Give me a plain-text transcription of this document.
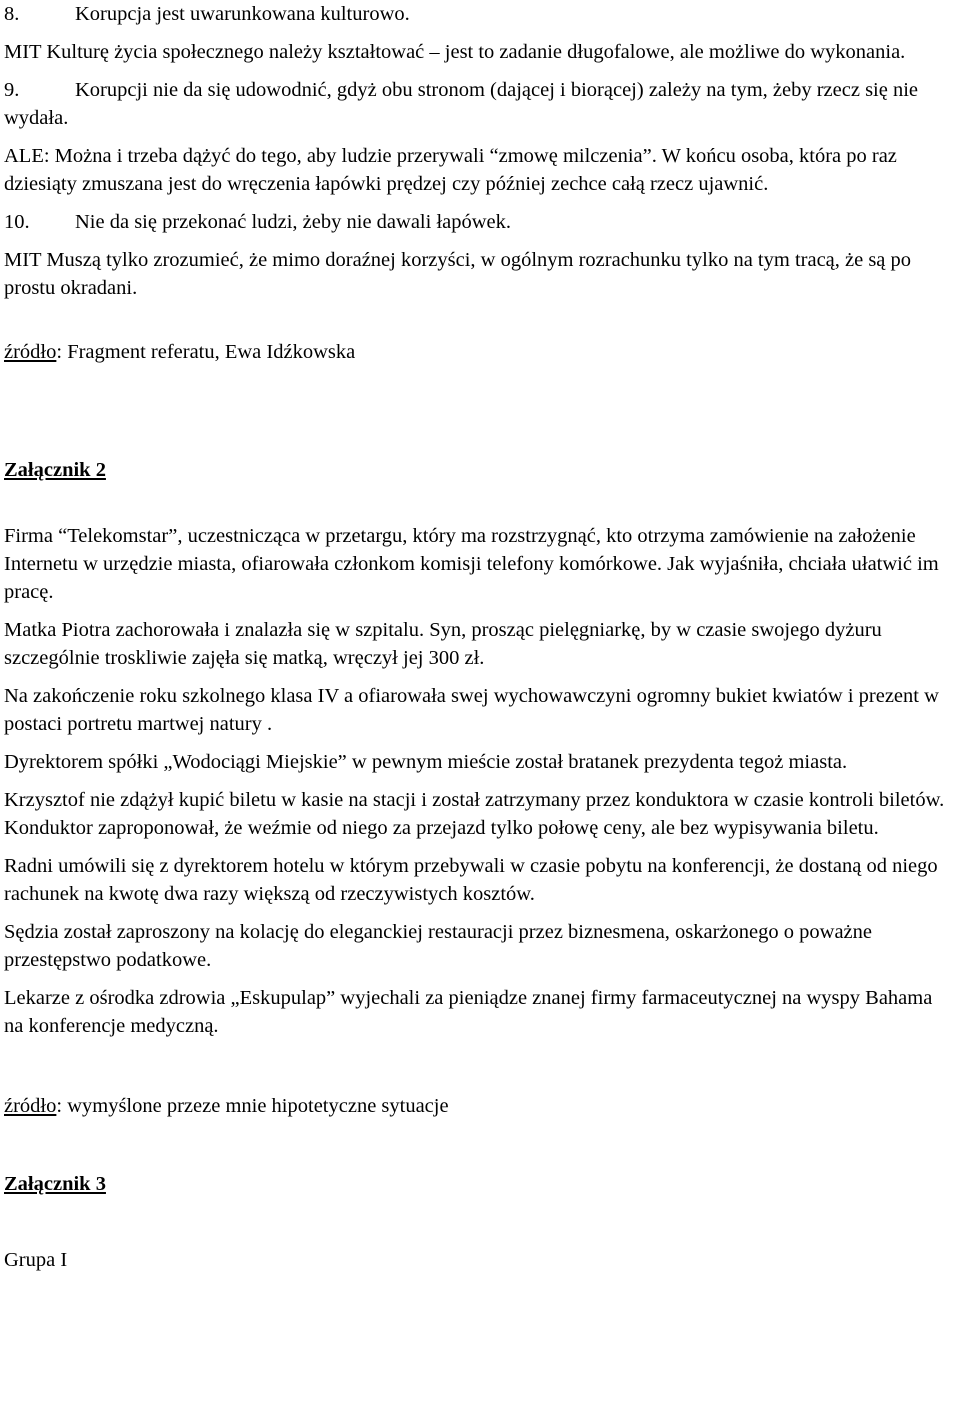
8.	Korupcja jest uwarunkowana kulturowo.

MIT Kulturę życia społecznego należy kształtować – jest to zadanie długofalowe, ale możliwe do wykonania.

9.	Korupcji nie da się udowodnić, gdyż obu stronom (dającej i biorącej) zależy na tym, żeby rzecz się nie wydała.

ALE: Można i trzeba dążyć do tego, aby ludzie przerywali “zmowę milczenia”. W końcu osoba, która po raz dziesiąty zmuszana jest do wręczenia łapówki prędzej czy później zechce całą rzecz ujawnić.

10.	Nie da się przekonać ludzi, żeby nie dawali łapówek.

MIT Muszą tylko zrozumieć, że mimo doraźnej korzyści, w ogólnym rozrachunku tylko na tym tracą, że są po prostu okradani.

źródło: Fragment referatu, Ewa Idźkowska

Załącznik 2

Firma “Telekomstar”, uczestnicząca w przetargu, który ma rozstrzygnąć, kto otrzyma zamówienie na założenie Internetu w urzędzie miasta, ofiarowała członkom komisji telefony komórkowe. Jak wyjaśniła, chciała ułatwić im pracę.

Matka Piotra zachorowała i znalazła się w szpitalu. Syn, prosząc pielęgniarkę, by w czasie swojego dyżuru szczególnie troskliwie zajęła się matką, wręczył jej 300 zł.

Na zakończenie roku szkolnego klasa IV a ofiarowała swej wychowawczyni ogromny bukiet kwiatów i prezent w postaci portretu martwej natury .

Dyrektorem spółki „Wodociągi Miejskie” w pewnym mieście został bratanek prezydenta tegoż miasta.

Krzysztof nie zdążył kupić biletu w kasie na stacji i został zatrzymany przez konduktora w czasie kontroli biletów. Konduktor zaproponował, że weźmie od niego za przejazd tylko połowę ceny, ale bez wypisywania biletu.

Radni umówili się z dyrektorem hotelu w którym przebywali w czasie pobytu na konferencji, że dostaną od niego rachunek na kwotę dwa razy większą od rzeczywistych kosztów.

Sędzia został zaproszony na kolację do eleganckiej restauracji przez biznesmena, oskarżonego o poważne przestępstwo podatkowe.

Lekarze z ośrodka zdrowia „Eskupulap” wyjechali za pieniądze znanej firmy farmaceutycznej na wyspy Bahama na konferencje medyczną.

źródło: wymyślone przeze mnie hipotetyczne sytuacje

Załącznik 3

Grupa I
